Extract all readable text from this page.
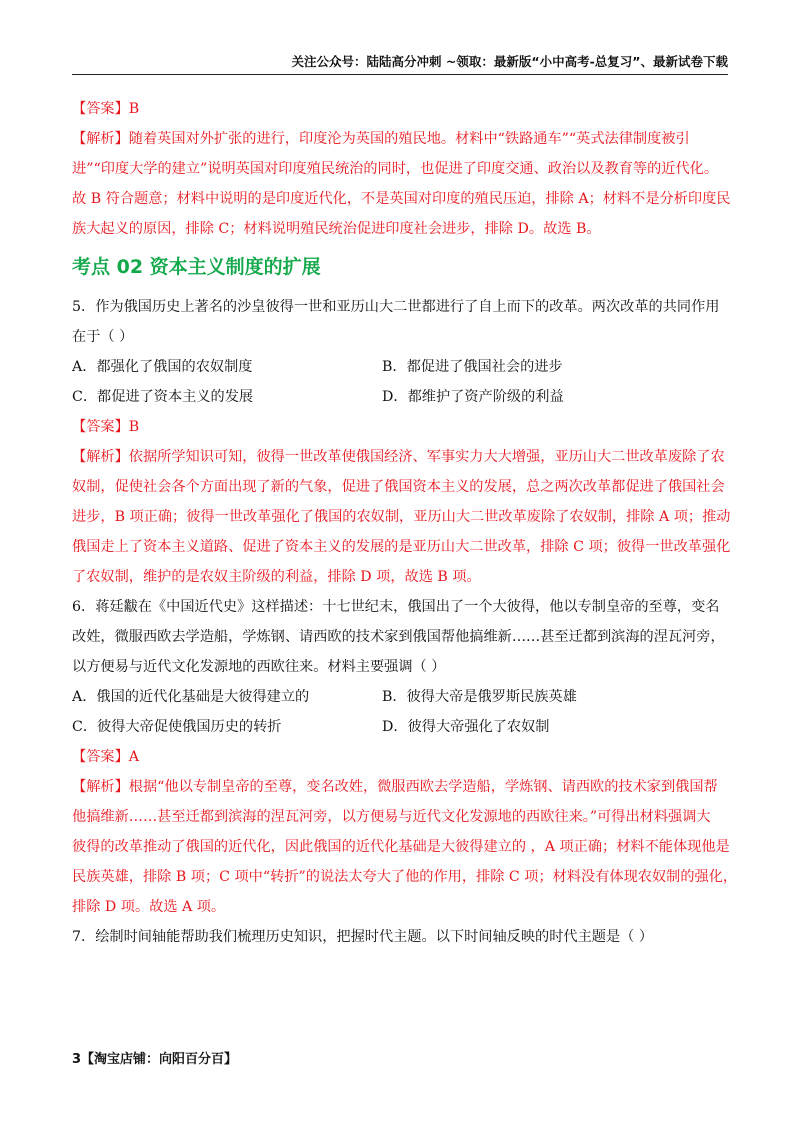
关注公众号：陆陆高分冲刺 ~领取：最新版“小中高考-总复习”、最新试卷下载
【答案】B
【解析】随着英国对外扩张的进行，印度沦为英国的殖民地。材料中“铁路通车”“英式法律制度被引
进”“印度大学的建立”说明英国对印度殖民统治的同时，也促进了印度交通、政治以及教育等的近代化。
故 B 符合题意；材料中说明的是印度近代化，不是英国对印度的殖民压迫，排除 A；材料不是分析印度民
族大起义的原因，排除 C；材料说明殖民统治促进印度社会进步，排除 D。故选 B。
考点 02 资本主义制度的扩展
5．作为俄国历史上著名的沙皇彼得一世和亚历山大二世都进行了自上而下的改革。两次改革的共同作用
在于（ ）
A．都强化了俄国的农奴制度	B．都促进了俄国社会的进步
C．都促进了资本主义的发展	D．都维护了资产阶级的利益
【答案】B
【解析】依据所学知识可知，彼得一世改革使俄国经济、军事实力大大增强，亚历山大二世改革废除了农
奴制，促使社会各个方面出现了新的气象，促进了俄国资本主义的发展，总之两次改革都促进了俄国社会
进步，B 项正确；彼得一世改革强化了俄国的农奴制，亚历山大二世改革废除了农奴制，排除 A 项；推动
俄国走上了资本主义道路、促进了资本主义的发展的是亚历山大二世改革，排除 C 项；彼得一世改革强化
了农奴制，维护的是农奴主阶级的利益，排除 D 项，故选 B 项。
6．蒋廷黻在《中国近代史》这样描述：十七世纪末，俄国出了一个大彼得，他以专制皇帝的至尊，变名
改姓，微服西欧去学造船，学炼钢、请西欧的技术家到俄国帮他搞维新……甚至迁都到滨海的涅瓦河旁，
以方便易与近代文化发源地的西欧往来。材料主要强调（ ）
A．俄国的近代化基础是大彼得建立的	B．彼得大帝是俄罗斯民族英雄
C．彼得大帝促使俄国历史的转折	D．彼得大帝强化了农奴制
【答案】A
【解析】根据“他以专制皇帝的至尊，变名改姓，微服西欧去学造船，学炼钢、请西欧的技术家到俄国帮
他搞维新……甚至迁都到滨海的涅瓦河旁，以方便易与近代文化发源地的西欧往来。”可得出材料强调大
彼得的改革推动了俄国的近代化，因此俄国的近代化基础是大彼得建立的 ，A 项正确；材料不能体现他是
民族英雄，排除 B 项；C 项中“转折”的说法太夸大了他的作用，排除 C 项；材料没有体现农奴制的强化，
排除 D 项。故选 A 项。
7．绘制时间轴能帮助我们梳理历史知识，把握时代主题。以下时间轴反映的时代主题是（ ）
3【淘宝店铺：向阳百分百】
